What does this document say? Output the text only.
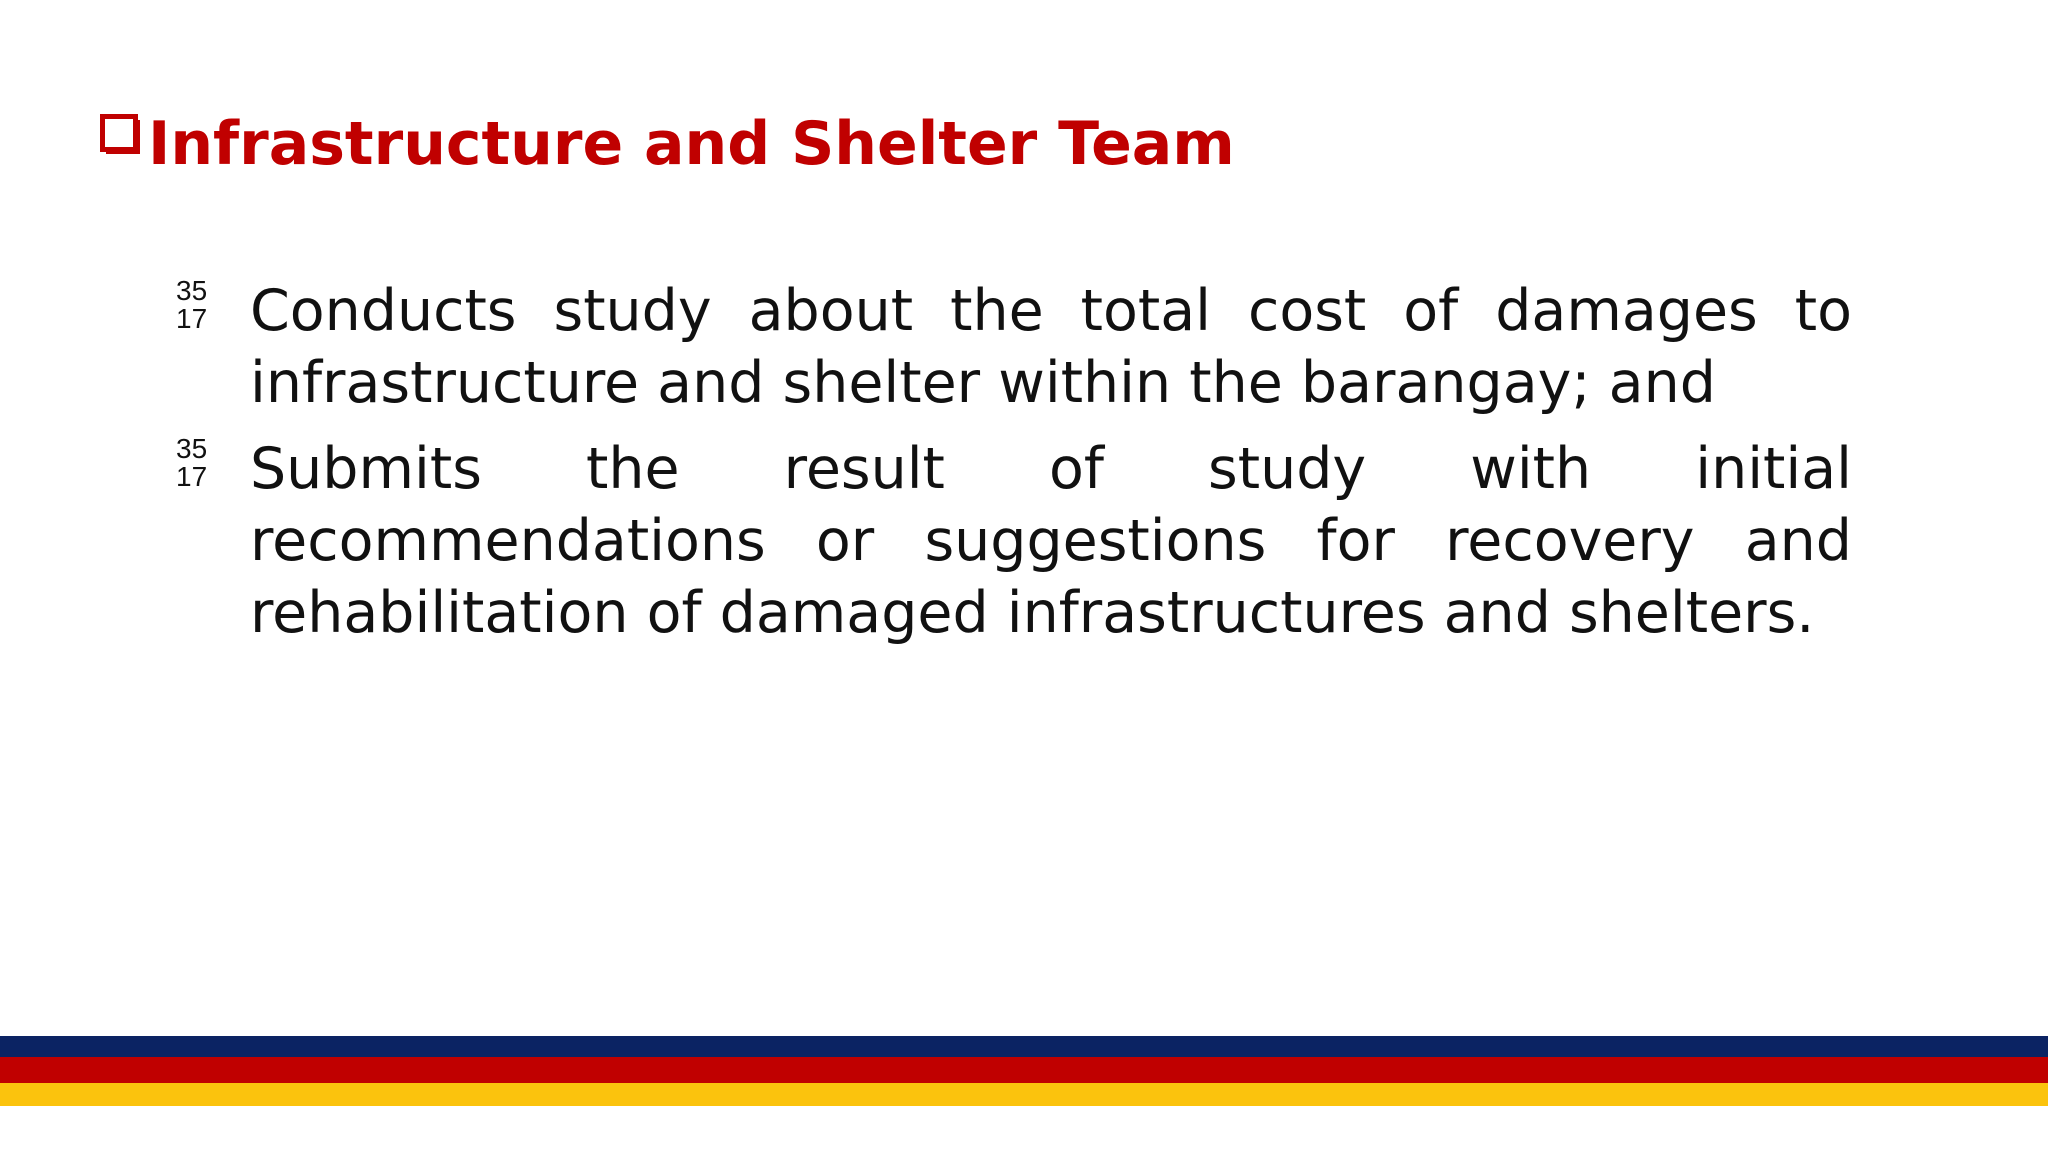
Infrastructure and Shelter Team
35
17 Conducts study about the total cost of damages to infrastructure and shelter within the barangay; and
35
17 Submits the result of study with initial recommendations or suggestions for recovery and rehabilitation of damaged infrastructures and shelters.
